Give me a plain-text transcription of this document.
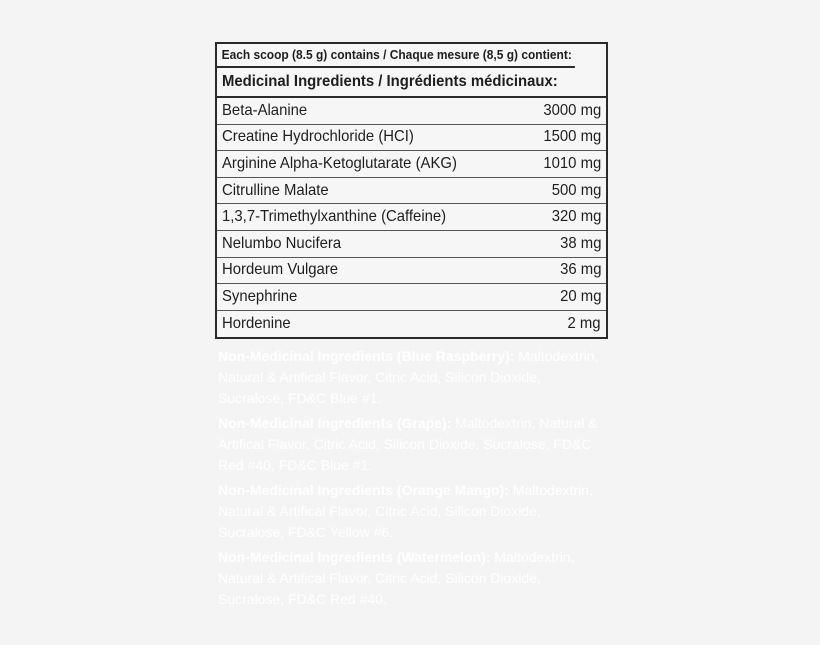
Each scoop (8.5 g) contains / Chaque mesure (8,5 g) contient:
Medicinal Ingredients / Ingrédients médicinaux:
Beta-Alanine	3000 mg
Creatine Hydrochloride (HCI)	1500 mg
Arginine Alpha-Ketoglutarate (AKG)	1010 mg
Citrulline Malate	500 mg
1,3,7-Trimethylxanthine (Caffeine)	320 mg
Nelumbo Nucifera	38 mg
Hordeum Vulgare	36 mg
Synephrine	20 mg
Hordenine	2 mg

Non-Medicinal Ingredients (Blue Raspberry): Maltodextrin, Natural & Artifical Flavor, Citric Acid, Silicon Dioxide, Sucralose, FD&C Blue #1.

Non-Medicinal Ingredients (Grape): Maltodextrin, Natural & Artifical Flavor, Citric Acid, Silicon Dioxide, Sucralose, FD&C Red #40, FD&C Blue #1.

Non-Medicinal Ingredients (Orange Mango): Maltodextrin, Natural & Artifical Flavor, Citric Acid, Silicon Dioxide, Sucralose, FD&C Yellow #6.

Non-Medicinal Ingredients (Watermelon): Maltodextrin, Natural & Artifical Flavor, Citric Acid, Silicon Dioxide, Sucralose, FD&C Red #40.
